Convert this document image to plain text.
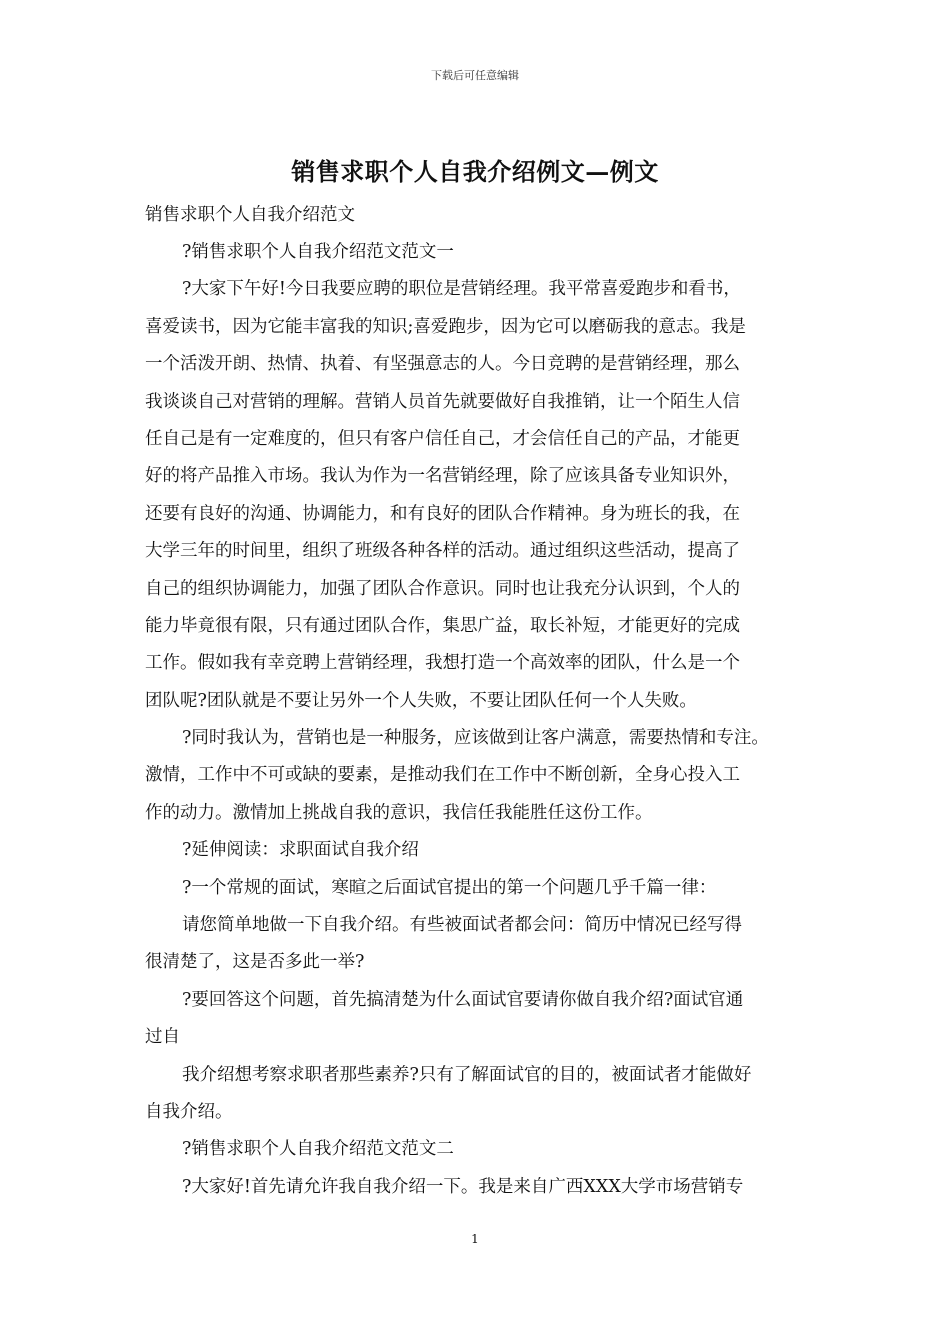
下载后可任意编辑
销售求职个人自我介绍例文—例文
销售求职个人自我介绍范文
?销售求职个人自我介绍范文范文一
?大家下午好!今日我要应聘的职位是营销经理。我平常喜爱跑步和看书，
喜爱读书，因为它能丰富我的知识;喜爱跑步，因为它可以磨砺我的意志。我是
一个活泼开朗、热情、执着、有坚强意志的人。今日竞聘的是营销经理，那么
我谈谈自己对营销的理解。营销人员首先就要做好自我推销，让一个陌生人信
任自己是有一定难度的，但只有客户信任自己，才会信任自己的产品，才能更
好的将产品推入市场。我认为作为一名营销经理，除了应该具备专业知识外，
还要有良好的沟通、协调能力，和有良好的团队合作精神。身为班长的我，在
大学三年的时间里，组织了班级各种各样的活动。通过组织这些活动，提高了
自己的组织协调能力，加强了团队合作意识。同时也让我充分认识到，个人的
能力毕竟很有限，只有通过团队合作，集思广益，取长补短，才能更好的完成
工作。假如我有幸竞聘上营销经理，我想打造一个高效率的团队，什么是一个
团队呢?团队就是不要让另外一个人失败，不要让团队任何一个人失败。
?同时我认为，营销也是一种服务，应该做到让客户满意，需要热情和专注。
激情，工作中不可或缺的要素，是推动我们在工作中不断创新，全身心投入工
作的动力。激情加上挑战自我的意识，我信任我能胜任这份工作。
?延伸阅读：求职面试自我介绍
?一个常规的面试，寒暄之后面试官提出的第一个问题几乎千篇一律：
请您简单地做一下自我介绍。有些被面试者都会问：简历中情况已经写得
很清楚了，这是否多此一举?
?要回答这个问题，首先搞清楚为什么面试官要请你做自我介绍?面试官通
过自
我介绍想考察求职者那些素养?只有了解面试官的目的，被面试者才能做好
自我介绍。
?销售求职个人自我介绍范文范文二
?大家好!首先请允许我自我介绍一下。我是来自广西XXX大学市场营销专
1
